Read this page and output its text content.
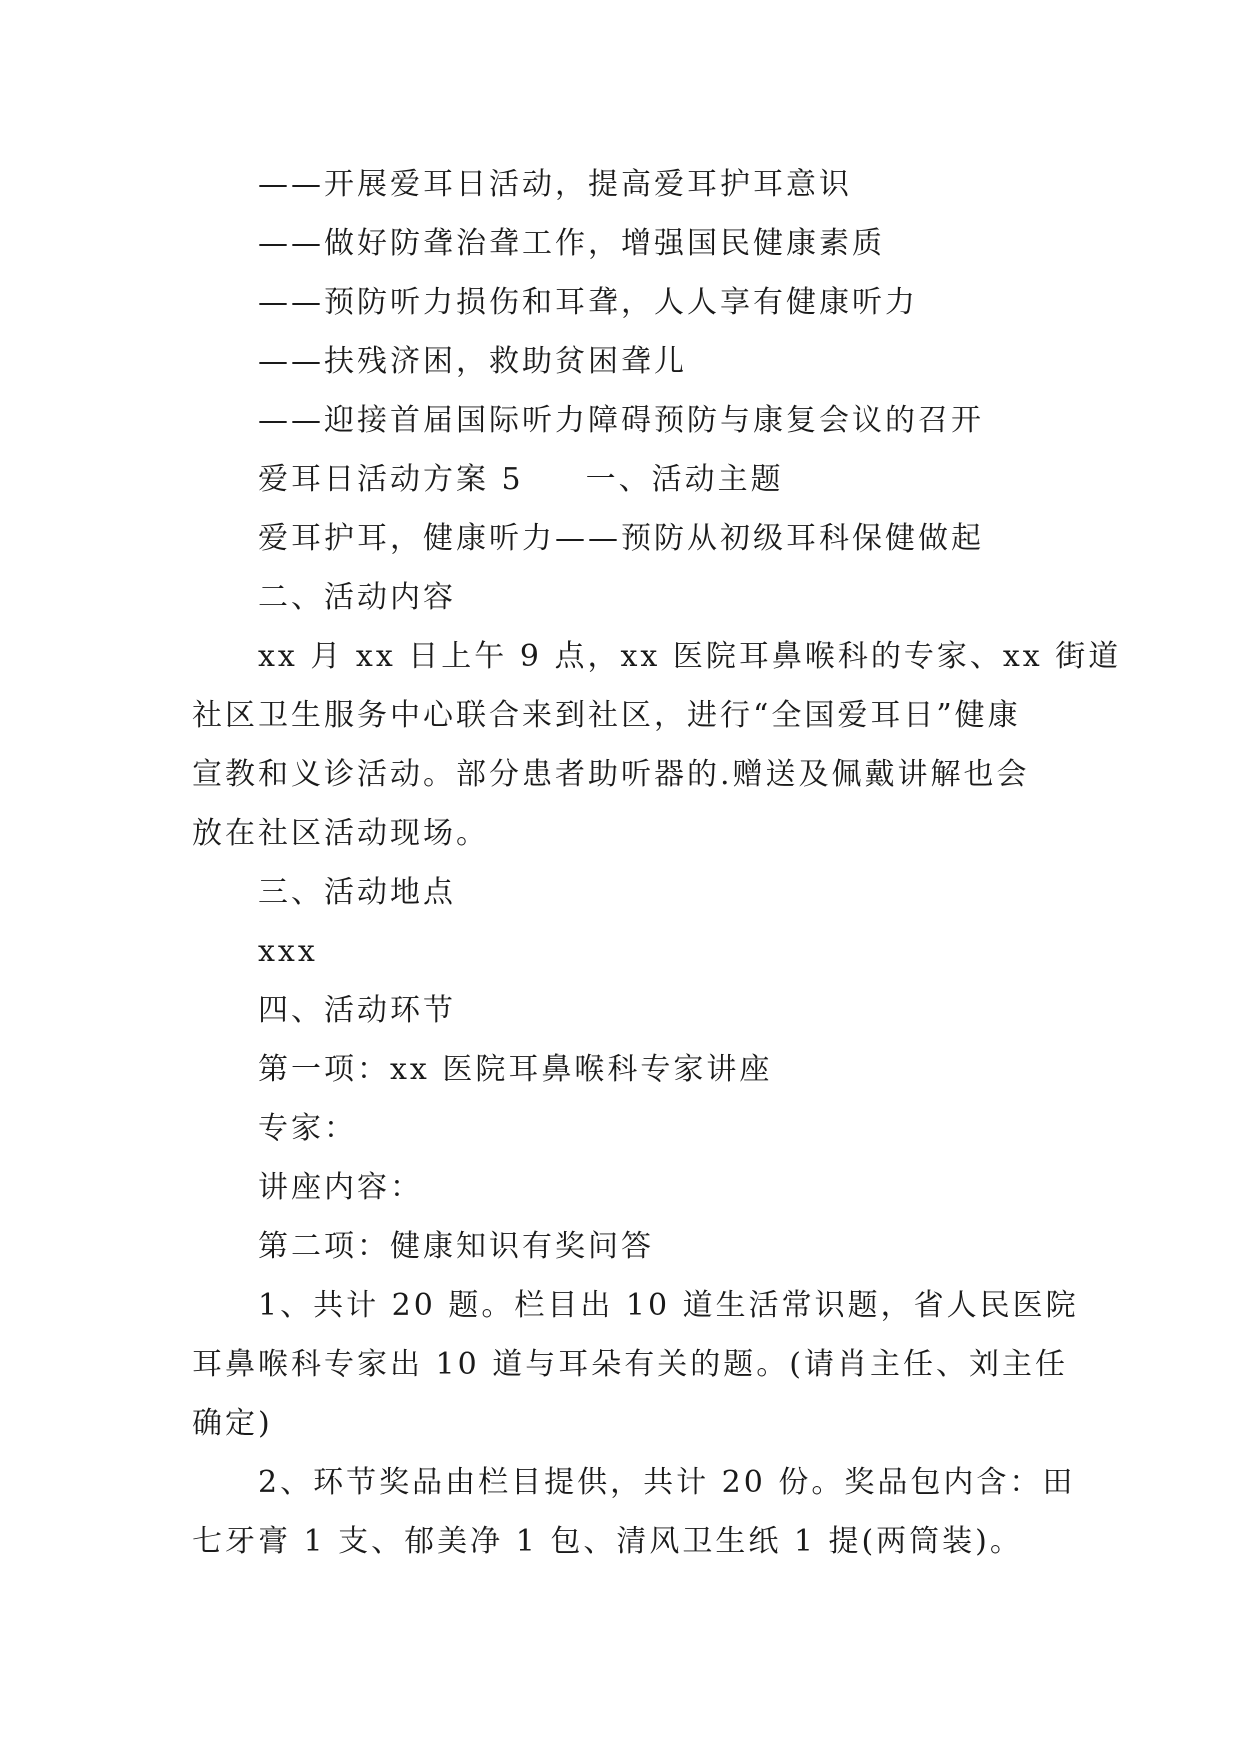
——开展爱耳日活动，提高爱耳护耳意识
——做好防聋治聋工作，增强国民健康素质
——预防听力损伤和耳聋，人人享有健康听力
——扶残济困，救助贫困聋儿
——迎接首届国际听力障碍预防与康复会议的召开
爱耳日活动方案 5 一、活动主题
爱耳护耳，健康听力——预防从初级耳科保健做起
二、活动内容
xx 月 xx 日上午 9 点，xx 医院耳鼻喉科的专家、xx 街道
社区卫生服务中心联合来到社区，进行“全国爱耳日”健康
宣教和义诊活动。部分患者助听器的.赠送及佩戴讲解也会
放在社区活动现场。
三、活动地点
xxx
四、活动环节
第一项：xx 医院耳鼻喉科专家讲座
专家：
讲座内容：
第二项：健康知识有奖问答
1、共计 20 题。栏目出 10 道生活常识题，省人民医院
耳鼻喉科专家出 10 道与耳朵有关的题。(请肖主任、刘主任
确定)
2、环节奖品由栏目提供，共计 20 份。奖品包内含：田
七牙膏 1 支、郁美净 1 包、清风卫生纸 1 提(两筒装)。
